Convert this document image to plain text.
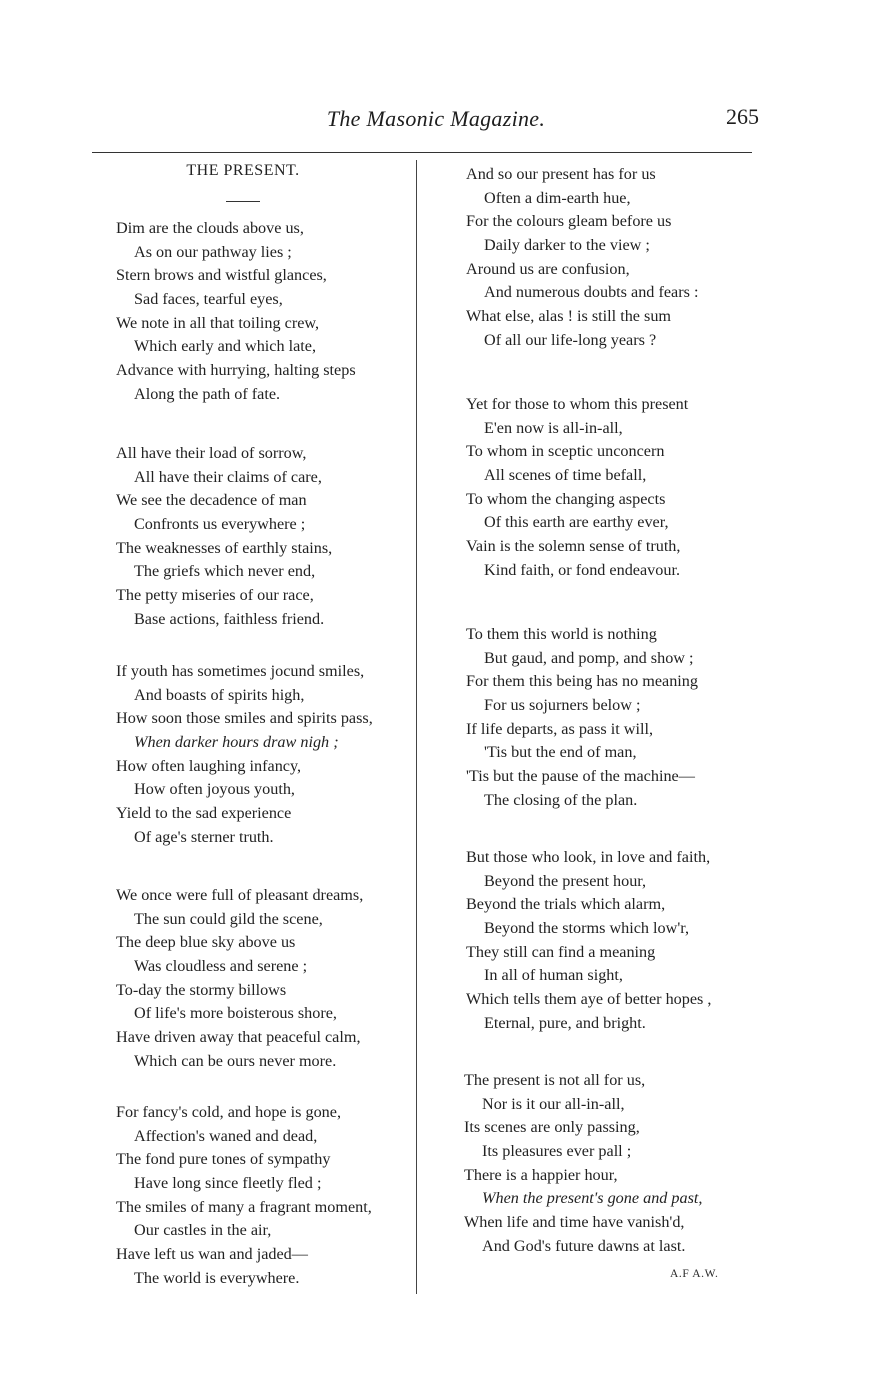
The Masonic Magazine.	265
THE PRESENT.
Dim are the clouds above us,
As on our pathway lies ;
Stern brows and wistful glances,
Sad faces, tearful eyes,
We note in all that toiling crew,
Which early and which late,
Advance with hurrying, halting steps
Along the path of fate.
All have their load of sorrow,
All have their claims of care,
We see the decadence of man
Confronts us everywhere ;
The weaknesses of earthly stains,
The griefs which never end,
The petty miseries of our race,
Base actions, faithless friend.
If youth has sometimes jocund smiles,
And boasts of spirits high,
How soon those smiles and spirits pass,
When darker hours draw nigh ;
How often laughing infancy,
How often joyous youth,
Yield to the sad experience
Of age's sterner truth.
We once were full of pleasant dreams,
The sun could gild the scene,
The deep blue sky above us
Was cloudless and serene ;
To-day the stormy billows
Of life's more boisterous shore,
Have driven away that peaceful calm,
Which can be ours never more.
For fancy's cold, and hope is gone,
Affection's waned and dead,
The fond pure tones of sympathy
Have long since fleetly fled ;
The smiles of many a fragrant moment,
Our castles in the air,
Have left us wan and jaded—
The world is everywhere.
And so our present has for us
Often a dim-earth hue,
For the colours gleam before us
Daily darker to the view ;
Around us are confusion,
And numerous doubts and fears :
What else, alas ! is still the sum
Of all our life-long years ?
Yet for those to whom this present
E'en now is all-in-all,
To whom in sceptic unconcern
All scenes of time befall,
To whom the changing aspects
Of this earth are earthy ever,
Vain is the solemn sense of truth,
Kind faith, or fond endeavour.
To them this world is nothing
But gaud, and pomp, and show ;
For them this being has no meaning
For us sojurners below ;
If life departs, as pass it will,
'Tis but the end of man,
'Tis but the pause of the machine—
The closing of the plan.
But those who look, in love and faith,
Beyond the present hour,
Beyond the trials which alarm,
Beyond the storms which low'r,
They still can find a meaning
In all of human sight,
Which tells them aye of better hopes ,
Eternal, pure, and bright.
The present is not all for us,
Nor is it our all-in-all,
Its scenes are only passing,
Its pleasures ever pall ;
There is a happier hour,
When the present's gone and past,
When life and time have vanish'd,
And God's future dawns at last.
A.F A.W.
